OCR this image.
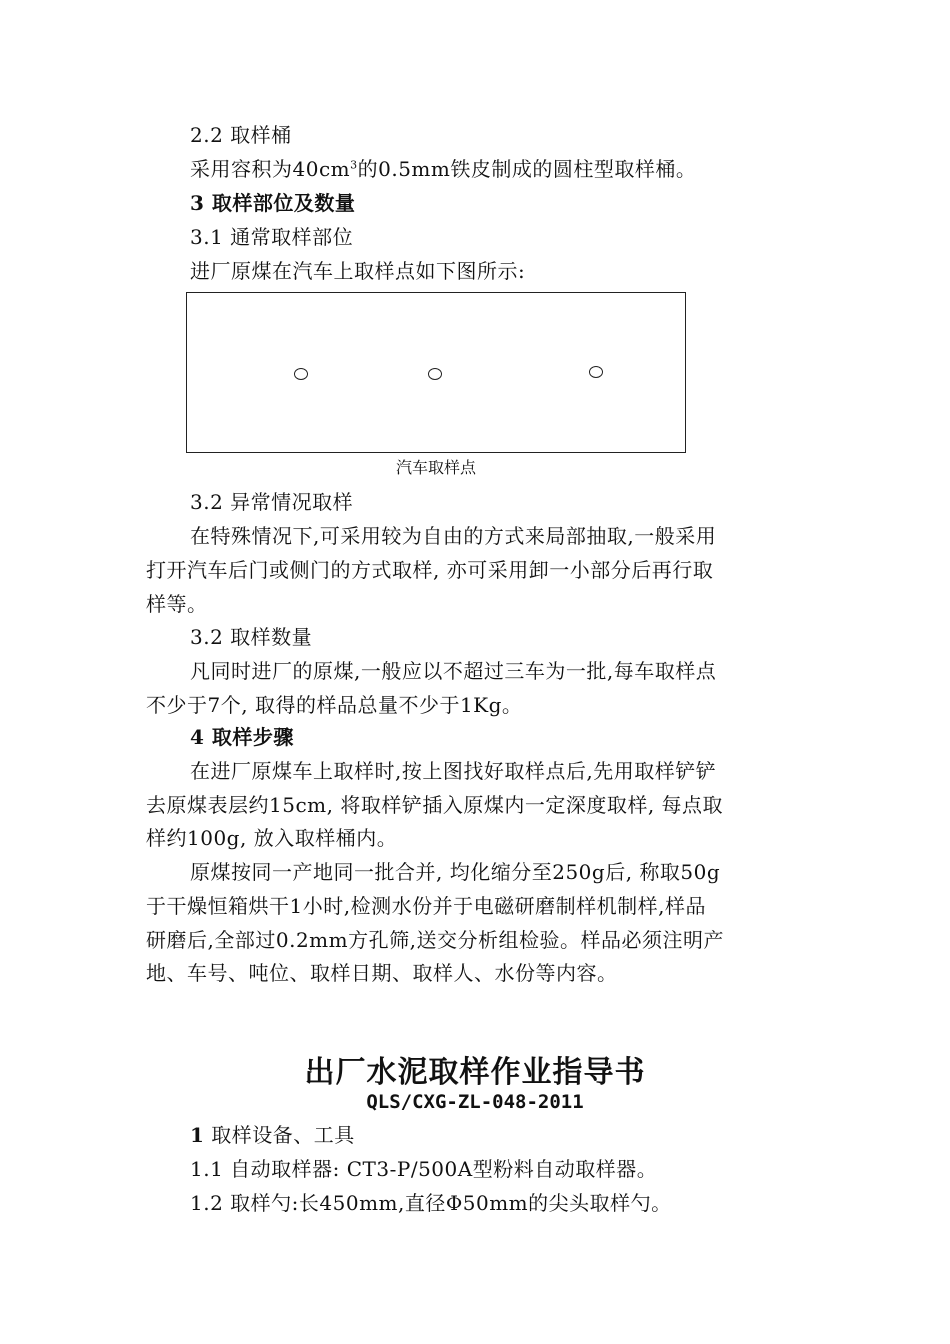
2.2 取样桶
采用容积为$40cm^3$的0.5mm铁皮制成的圆柱型取样桶。
3 取样部位及数量
3.1 通常取样部位
进厂原煤在汽车上取样点如下图所示:
汽车取样点
3.2 异常情况取样
在特殊情况下,可采用较为自由的方式来局部抽取,一般采用
打开汽车后门或侧门的方式取样, 亦可采用卸一小部分后再行取
样等。
3.2 取样数量
凡同时进厂的原煤,一般应以不超过三车为一批,每车取样点
不少于7个, 取得的样品总量不少于1Kg。
4 取样步骤
在进厂原煤车上取样时,按上图找好取样点后,先用取样铲铲
去原煤表层约15cm, 将取样铲插入原煤内一定深度取样, 每点取
样约100g, 放入取样桶内。
原煤按同一产地同一批合并, 均化缩分至250g后, 称取50g
于干燥恒箱烘干1小时,检测水份并于电磁研磨制样机制样,样品
研磨后,全部过0.2mm方孔筛,送交分析组检验。样品必须注明产
地、车号、吨位、取样日期、取样人、水份等内容。
出厂水泥取样作业指导书
QLS/CXG-ZL-048-2011
1 取样设备、工具
1.1 自动取样器: CT3-P/500A型粉料自动取样器。
1.2 取样勺:长450mm,直径Φ50mm的尖头取样勺。
